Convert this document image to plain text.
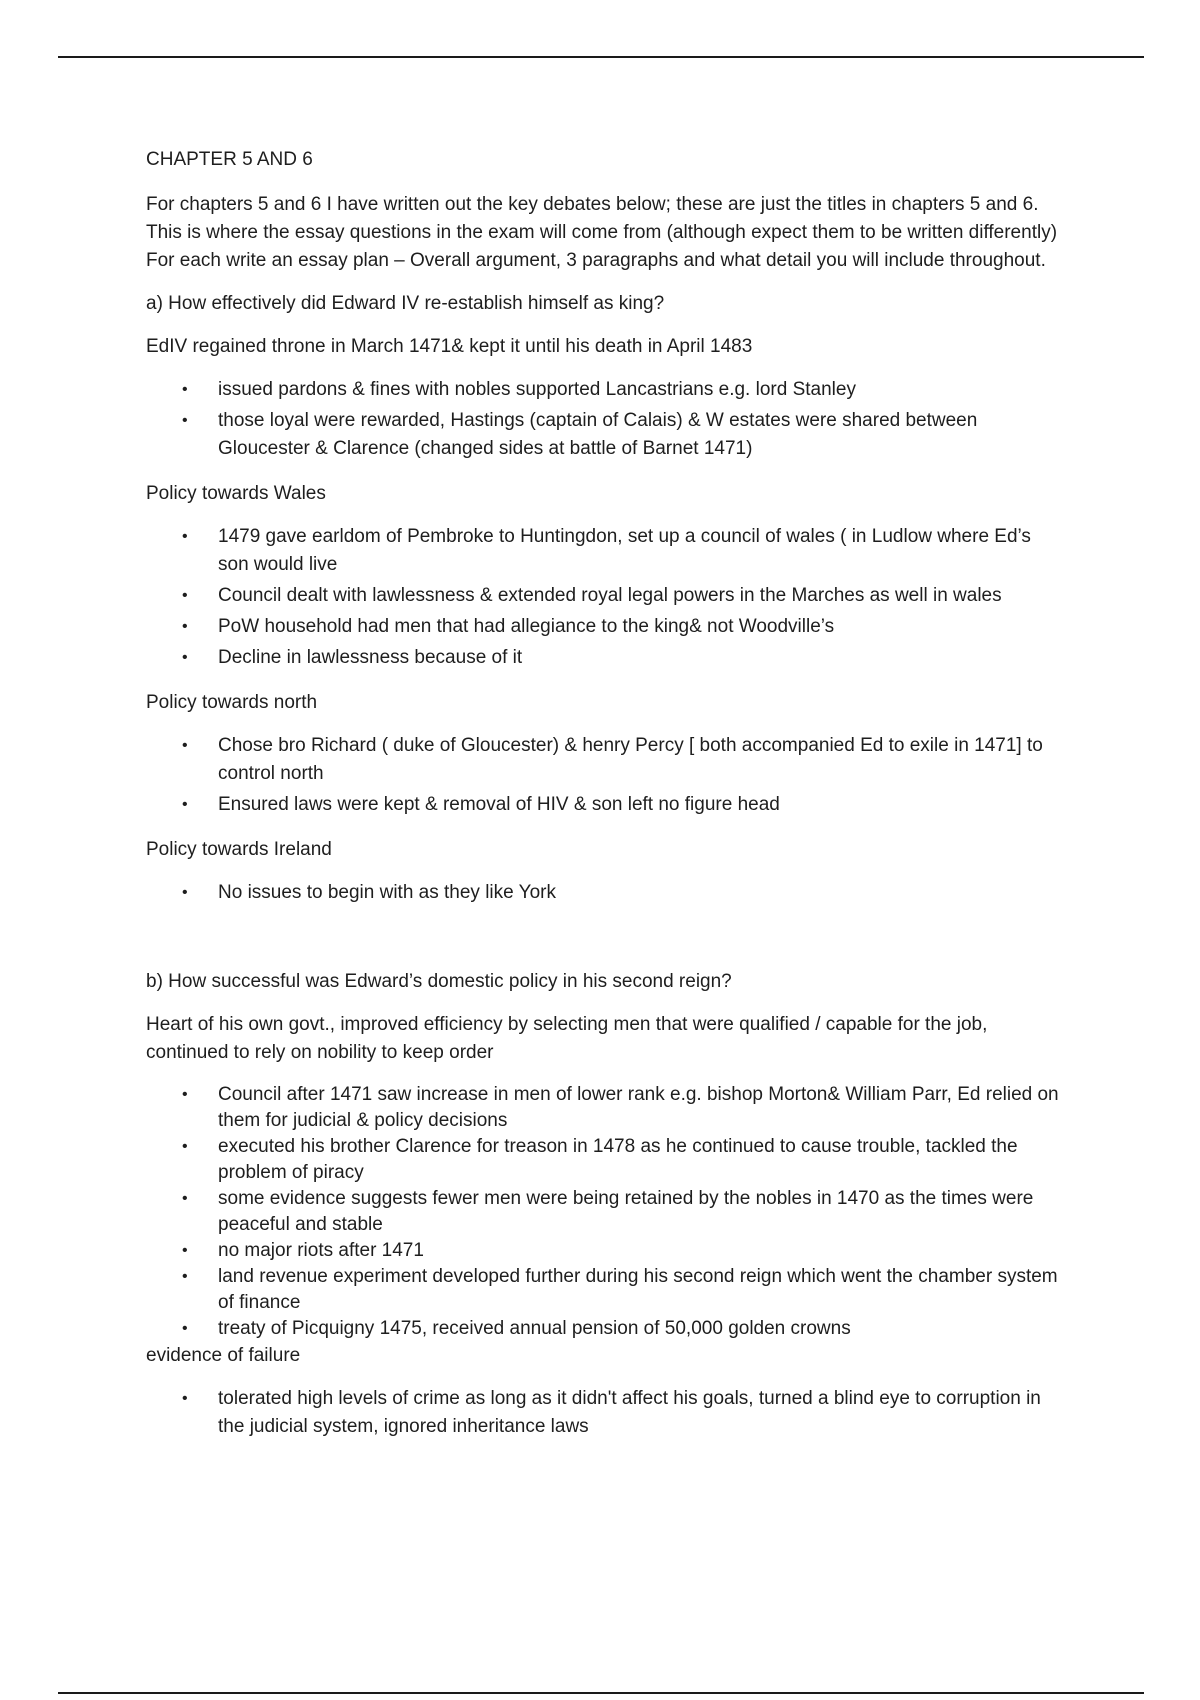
CHAPTER 5 AND 6

For chapters 5 and 6 I have written out the key debates below; these are just the titles in chapters 5 and 6. This is where the essay questions in the exam will come from (although expect them to be written differently) For each write an essay plan – Overall argument, 3 paragraphs and what detail you will include throughout.

a) How effectively did Edward IV re-establish himself as king?

EdIV regained throne in March 1471& kept it until his death in April 1483

• issued pardons & fines with nobles supported Lancastrians e.g. lord Stanley
• those loyal were rewarded, Hastings (captain of Calais) & W estates were shared between Gloucester & Clarence (changed sides at battle of Barnet 1471)

Policy towards Wales

• 1479 gave earldom of Pembroke to Huntingdon, set up a council of wales ( in Ludlow where Ed’s son would live
• Council dealt with lawlessness & extended royal legal powers in the Marches as well in wales
• PoW household had men that had allegiance to the king& not Woodville’s
• Decline in lawlessness because of it

Policy towards north

• Chose bro Richard ( duke of Gloucester) & henry Percy [ both accompanied Ed to exile in 1471] to control north
• Ensured laws were kept & removal of HIV & son left no figure head

Policy towards Ireland

• No issues to begin with as they like York

b) How successful was Edward’s domestic policy in his second reign?

Heart of his own govt., improved efficiency by selecting men that were qualified / capable for the job, continued to rely on nobility to keep order

• Council after 1471 saw increase in men of lower rank e.g. bishop Morton& William Parr, Ed relied on them for judicial & policy decisions
• executed his brother Clarence for treason in 1478 as he continued to cause trouble, tackled the problem of piracy
• some evidence suggests fewer men were being retained by the nobles in 1470 as the times were peaceful and stable
• no major riots after 1471
• land revenue experiment developed further during his second reign which went the chamber system of finance
• treaty of Picquigny 1475, received annual pension of 50,000 golden crowns

evidence of failure

• tolerated high levels of crime as long as it didn't affect his goals, turned a blind eye to corruption in the judicial system, ignored inheritance laws
